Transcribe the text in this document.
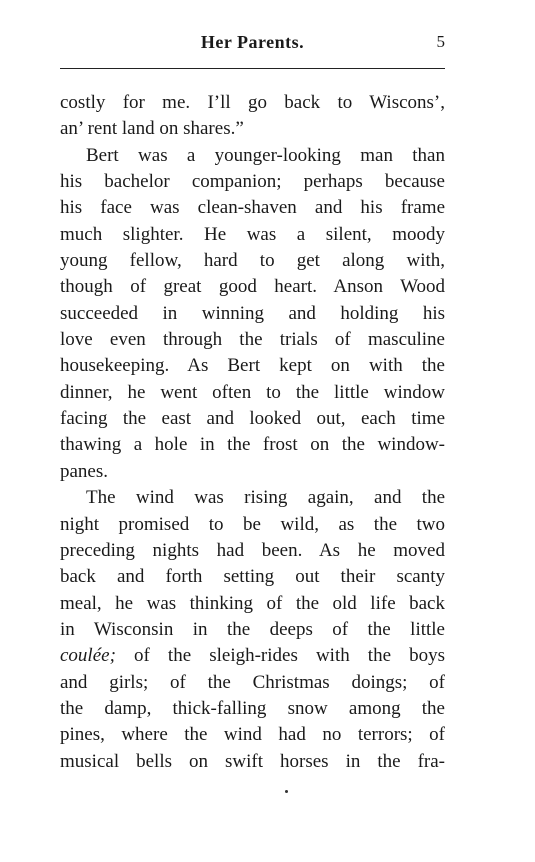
Her Parents.	5
costly for me. I’ll go back to Wiscons’,
an’ rent land on shares.”
Bert was a younger-looking man than
his bachelor companion; perhaps because
his face was clean-shaven and his frame
much slighter. He was a silent, moody
young fellow, hard to get along with,
though of great good heart. Anson Wood
succeeded in winning and holding his
love even through the trials of masculine
housekeeping. As Bert kept on with the
dinner, he went often to the little window
facing the east and looked out, each time
thawing a hole in the frost on the window-
panes.
The wind was rising again, and the
night promised to be wild, as the two
preceding nights had been. As he moved
back and forth setting out their scanty
meal, he was thinking of the old life back
in Wisconsin in the deeps of the little
coulée; of the sleigh-rides with the boys
and girls; of the Christmas doings; of
the damp, thick-falling snow among the
pines, where the wind had no terrors; of
musical bells on swift horses in the fra-
